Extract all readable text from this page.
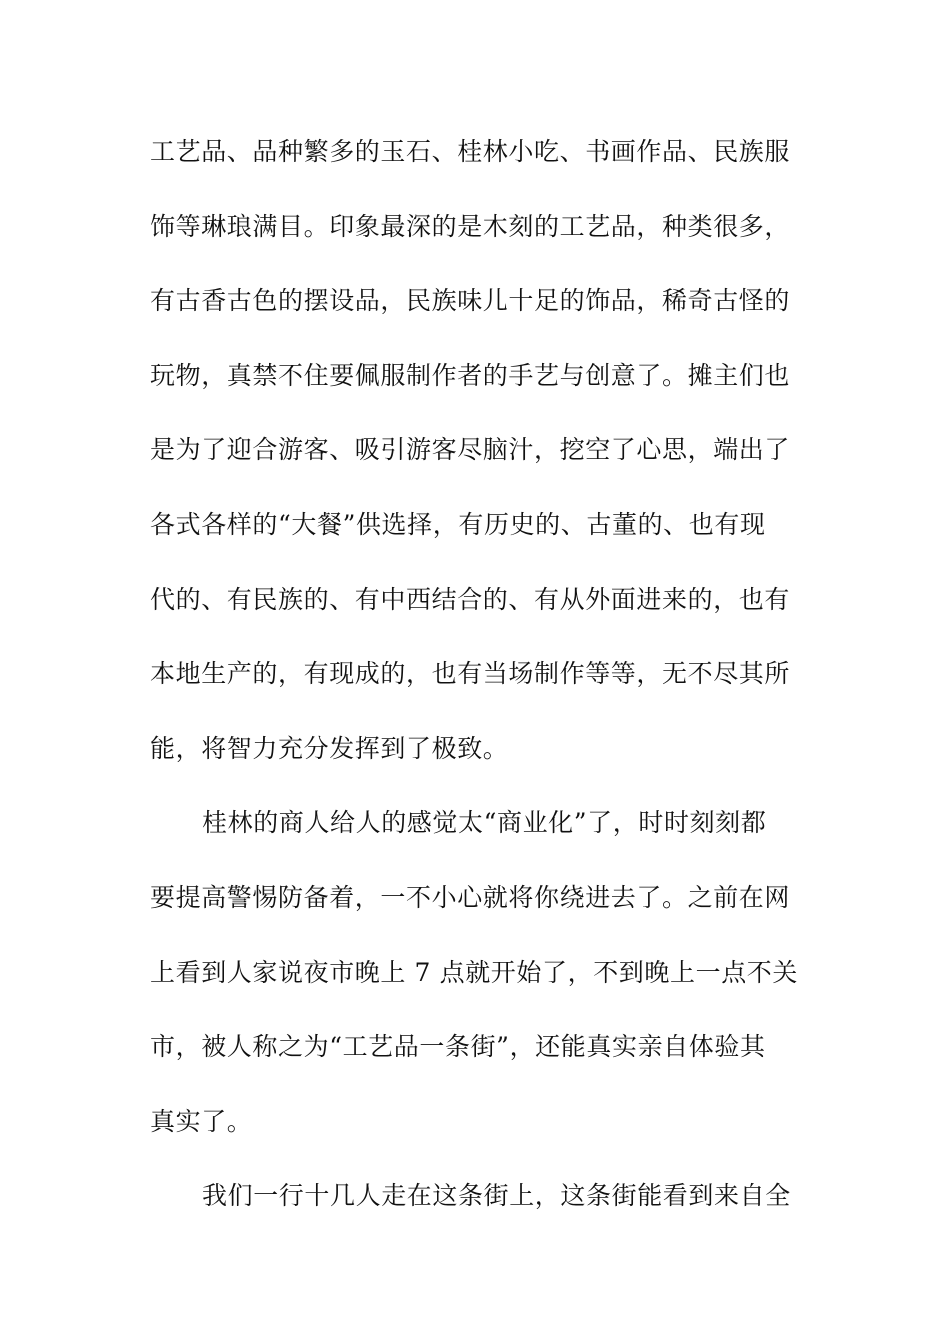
工艺品、品种繁多的玉石、桂林小吃、书画作品、民族服
饰等琳琅满目。印象最深的是木刻的工艺品，种类很多，
有古香古色的摆设品，民族味儿十足的饰品，稀奇古怪的
玩物，真禁不住要佩服制作者的手艺与创意了。摊主们也
是为了迎合游客、吸引游客尽脑汁，挖空了心思，端出了
各式各样的“大餐”供选择，有历史的、古董的、也有现
代的、有民族的、有中西结合的、有从外面进来的，也有
本地生产的，有现成的，也有当场制作等等，无不尽其所
能，将智力充分发挥到了极致。

桂林的商人给人的感觉太“商业化”了，时时刻刻都
要提高警惕防备着，一不小心就将你绕进去了。之前在网
上看到人家说夜市晚上 7 点就开始了，不到晚上一点不关
市，被人称之为“工艺品一条街”，还能真实亲自体验其
真实了。

我们一行十几人走在这条街上，这条街能看到来自全
